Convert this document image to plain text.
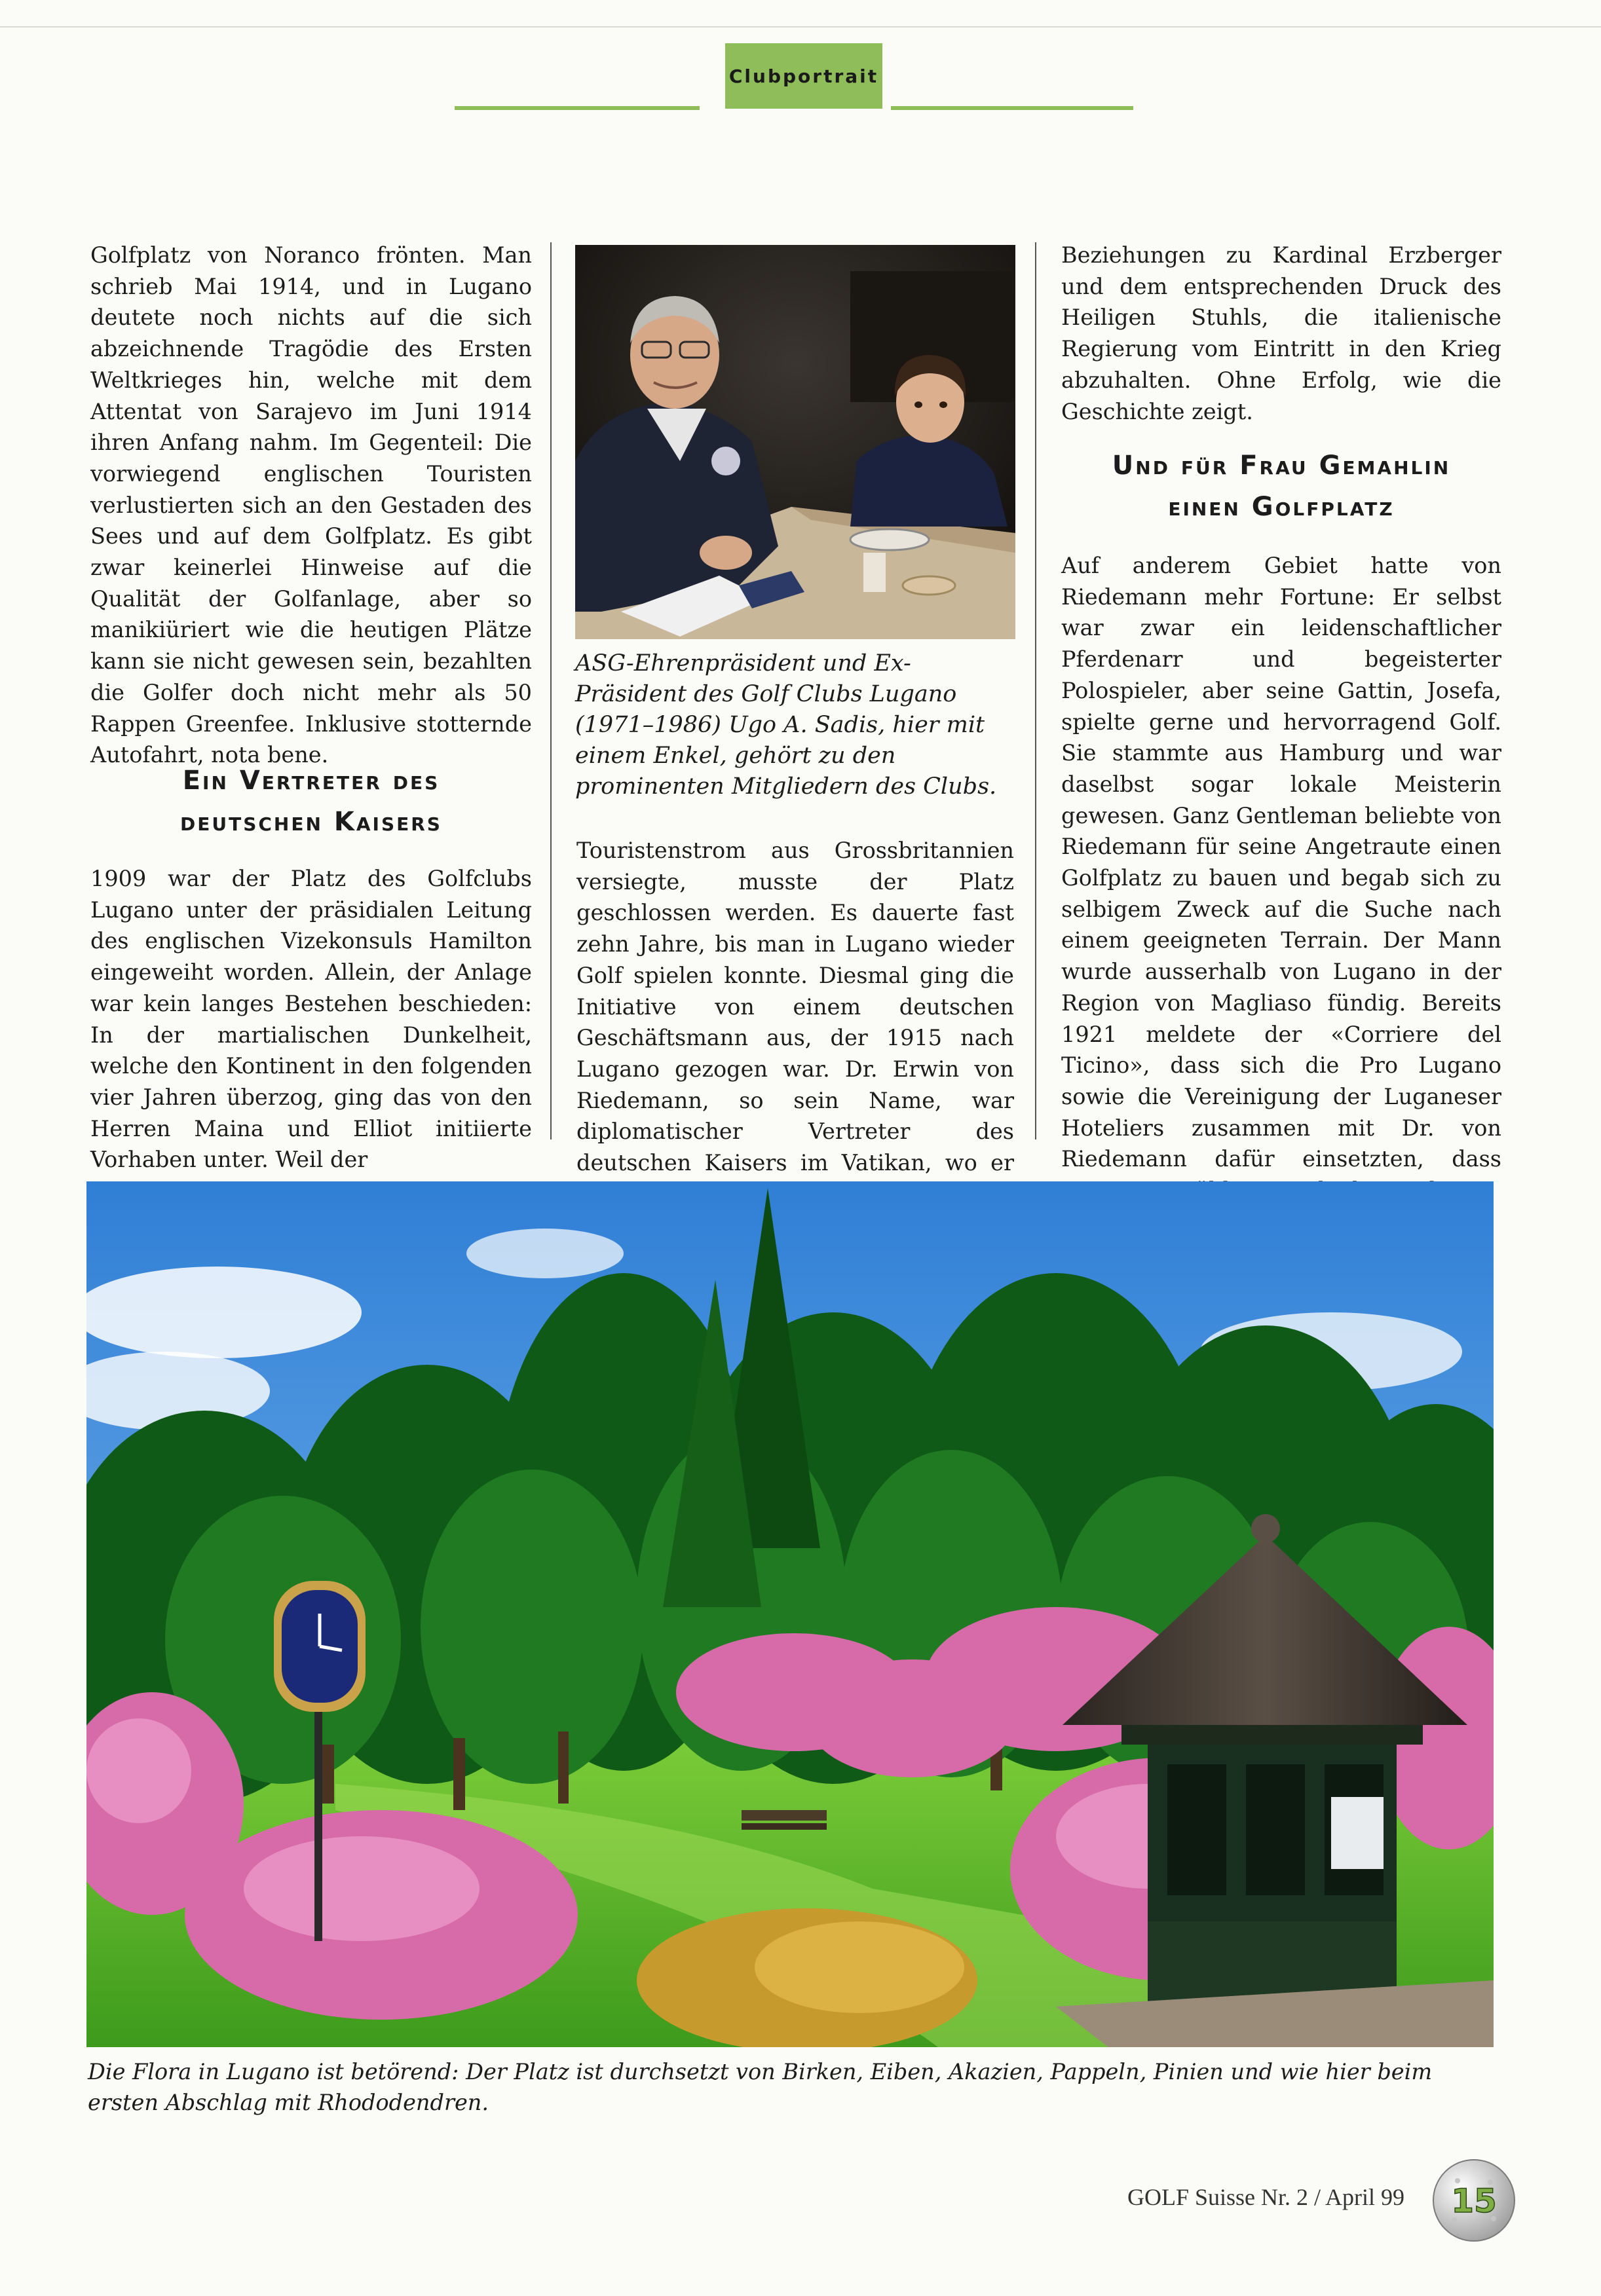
Clubportrait

Golfplatz von Noranco frönten. Man schrieb Mai 1914, und in Lugano deutete noch nichts auf die sich abzeichnende Tragödie des Ersten Weltkrieges hin, welche mit dem Attentat von Sarajevo im Juni 1914 ihren Anfang nahm. Im Gegenteil: Die vorwiegend englischen Touristen verlustierten sich an den Gestaden des Sees und auf dem Golfplatz. Es gibt zwar keinerlei Hinweise auf die Qualität der Golfanlage, aber so manikiüriert wie die heutigen Plätze kann sie nicht gewesen sein, bezahlten die Golfer doch nicht mehr als 50 Rappen Greenfee. Inklusive stotternde Autofahrt, nota bene.

Ein Vertreter des
deutschen Kaisers

1909 war der Platz des Golfclubs Lugano unter der präsidialen Leitung des englischen Vizekonsuls Hamilton eingeweiht worden. Allein, der Anlage war kein langes Bestehen beschieden: In der martialischen Dunkelheit, welche den Kontinent in den folgenden vier Jahren überzog, ging das von den Herren Maina und Elliot initiierte Vorhaben unter. Weil der

ASG-Ehrenpräsident und Ex-Präsident des Golf Clubs Lugano (1971–1986) Ugo A. Sadis, hier mit einem Enkel, gehört zu den prominenten Mitgliedern des Clubs.

Touristenstrom aus Grossbritannien versiegte, musste der Platz geschlossen werden. Es dauerte fast zehn Jahre, bis man in Lugano wieder Golf spielen konnte. Diesmal ging die Initiative von einem deutschen Geschäftsmann aus, der 1915 nach Lugano gezogen war. Dr. Erwin von Riedemann, so sein Name, war diplomatischer Vertreter des deutschen Kaisers im Vatikan, wo er

Beziehungen zu Kardinal Erzberger und dem entsprechenden Druck des Heiligen Stuhls, die italienische Regierung vom Eintritt in den Krieg abzuhalten. Ohne Erfolg, wie die Geschichte zeigt.

Und für Frau Gemahlin
einen Golfplatz

Auf anderem Gebiet hatte von Riedemann mehr Fortune: Er selbst war zwar ein leidenschaftlicher Pferdenarr und begeisterter Polospieler, aber seine Gattin, Josefa, spielte gerne und hervorragend Golf. Sie stammte aus Hamburg und war daselbst sogar lokale Meisterin gewesen. Ganz Gentleman beliebte von Riedemann für seine Angetraute einen Golfplatz zu bauen und begab sich zu selbigem Zweck auf die Suche nach einem geeigneten Terrain. Der Mann wurde ausserhalb von Lugano in der Region von Magliaso fündig. Bereits 1921 meldete der «Corriere del Ticino», dass sich die Pro Lugano sowie die Vereinigung der Luganeser Hoteliers zusammen mit Dr. von Riedemann dafür einsetzten, dass

Die Flora in Lugano ist betörend: Der Platz ist durchsetzt von Birken, Eiben, Akazien, Pappeln, Pinien und wie hier beim ersten Abschlag mit Rhododendren.
GOLF Suisse Nr. 2 / April 99 15
